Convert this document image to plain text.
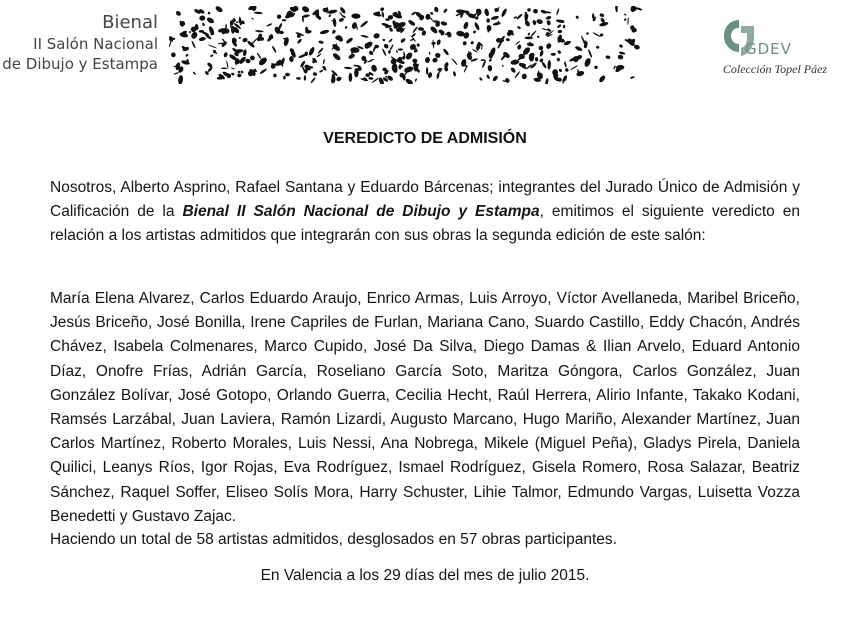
Bienal
II Salón Nacional
de Dibujo y Estampa
GDEV
Colección Topel Páez
VEREDICTO DE ADMISIÓN
Nosotros, Alberto Asprino, Rafael Santana y Eduardo Bárcenas; integrantes del Jurado Único de Admisión y Calificación de la Bienal II Salón Nacional de Dibujo y Estampa, emitimos el siguiente veredicto en relación a los artistas admitidos que integrarán con sus obras la segunda edición de este salón:
María Elena Alvarez, Carlos Eduardo Araujo, Enrico Armas, Luis Arroyo, Víctor Avellaneda, Maribel Briceño, Jesús Briceño, José Bonilla, Irene Capriles de Furlan, Mariana Cano, Suardo Castillo, Eddy Chacón, Andrés Chávez, Isabela Colmenares, Marco Cupido, José Da Silva, Diego Damas & Ilian Arvelo, Eduard Antonio Díaz, Onofre Frías, Adrián García, Roseliano García Soto, Maritza Góngora, Carlos González, Juan González Bolívar, José Gotopo, Orlando Guerra, Cecilia Hecht, Raúl Herrera, Alirio Infante, Takako Kodani, Ramsés Larzábal, Juan Laviera, Ramón Lizardi, Augusto Marcano, Hugo Mariño, Alexander Martínez, Juan Carlos Martínez, Roberto Morales, Luis Nessi, Ana Nobrega, Mikele (Miguel Peña), Gladys Pirela, Daniela Quilici, Leanys Ríos, Igor Rojas, Eva Rodríguez, Ismael Rodríguez, Gisela Romero, Rosa Salazar, Beatriz Sánchez, Raquel Soffer, Eliseo Solís Mora, Harry Schuster, Lihie Talmor, Edmundo Vargas, Luisetta Vozza Benedetti y Gustavo Zajac.
Haciendo un total de 58 artistas admitidos, desglosados en 57 obras participantes.
En Valencia a los 29 días del mes de julio 2015.
